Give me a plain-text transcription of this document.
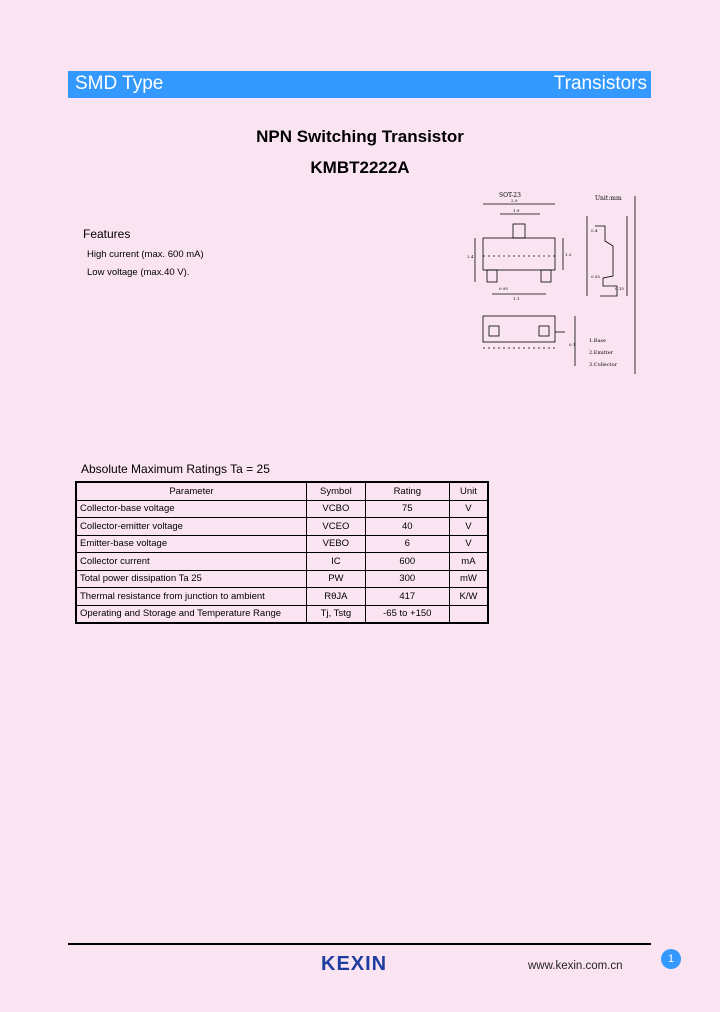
SMD Type	Transistors
NPN Switching Transistor
KMBT2222A
Features
High current (max. 600 mA)
Low voltage (max.40 V).
SOT-23	Unit:mm
2.9
1.9
2.4	1.3
0.95
1.1
0.4
0.55
0.15
0.1
1.Base
2.Emitter
3.Collector
Absolute Maximum Ratings Ta = 25
Parameter	Symbol	Rating	Unit
Collector-base voltage	VCBO	75	V
Collector-emitter voltage	VCEO	40	V
Emitter-base voltage	VEBO	6	V
Collector current	IC	600	mA
Total power dissipation Ta 25	PW	300	mW
Thermal resistance from junction to ambient	RθJA	417	K/W
Operating and Storage and Temperature Range	Tj, Tstg	-65 to +150	
KEXIN	www.kexin.com.cn
1
